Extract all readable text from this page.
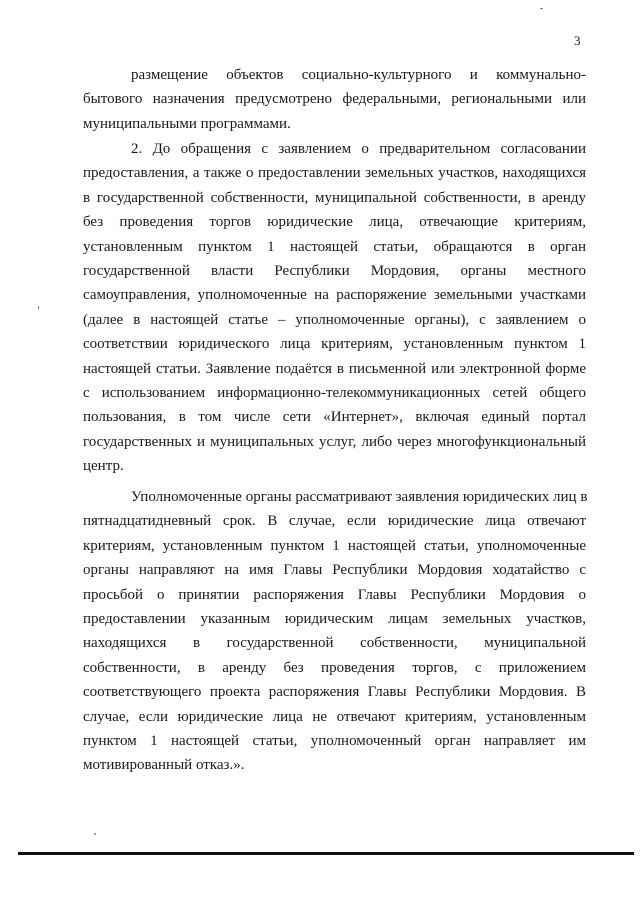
3
размещение объектов социально-культурного и коммунально-
бытового назначения предусмотрено федеральными, региональными или
муниципальными программами.
2. До обращения с заявлением о предварительном согласовании
предоставления, а также о предоставлении земельных участков, находящихся
в государственной собственности, муниципальной собственности, в аренду
без проведения торгов юридические лица, отвечающие критериям,
установленным пунктом 1 настоящей статьи, обращаются в орган
государственной власти Республики Мордовия, органы местного
самоуправления, уполномоченные на распоряжение земельными участками
(далее в настоящей статье – уполномоченные органы), с заявлением о
соответствии юридического лица критериям, установленным пунктом 1
настоящей статьи. Заявление подаётся в письменной или электронной форме
с использованием информационно-телекоммуникационных сетей общего
пользования, в том числе сети «Интернет», включая единый портал
государственных и муниципальных услуг, либо через многофункциональный
центр.
Уполномоченные органы рассматривают заявления юридических лиц в
пятнадцатидневный срок. В случае, если юридические лица отвечают
критериям, установленным пунктом 1 настоящей статьи, уполномоченные
органы направляют на имя Главы Республики Мордовия ходатайство с
просьбой о принятии распоряжения Главы Республики Мордовия о
предоставлении указанным юридическим лицам земельных участков,
находящихся в государственной собственности, муниципальной
собственности, в аренду без проведения торгов, с приложением
соответствующего проекта распоряжения Главы Республики Мордовия. В
случае, если юридические лица не отвечают критериям, установленным
пунктом 1 настоящей статьи, уполномоченный орган направляет им
мотивированный отказ.».
